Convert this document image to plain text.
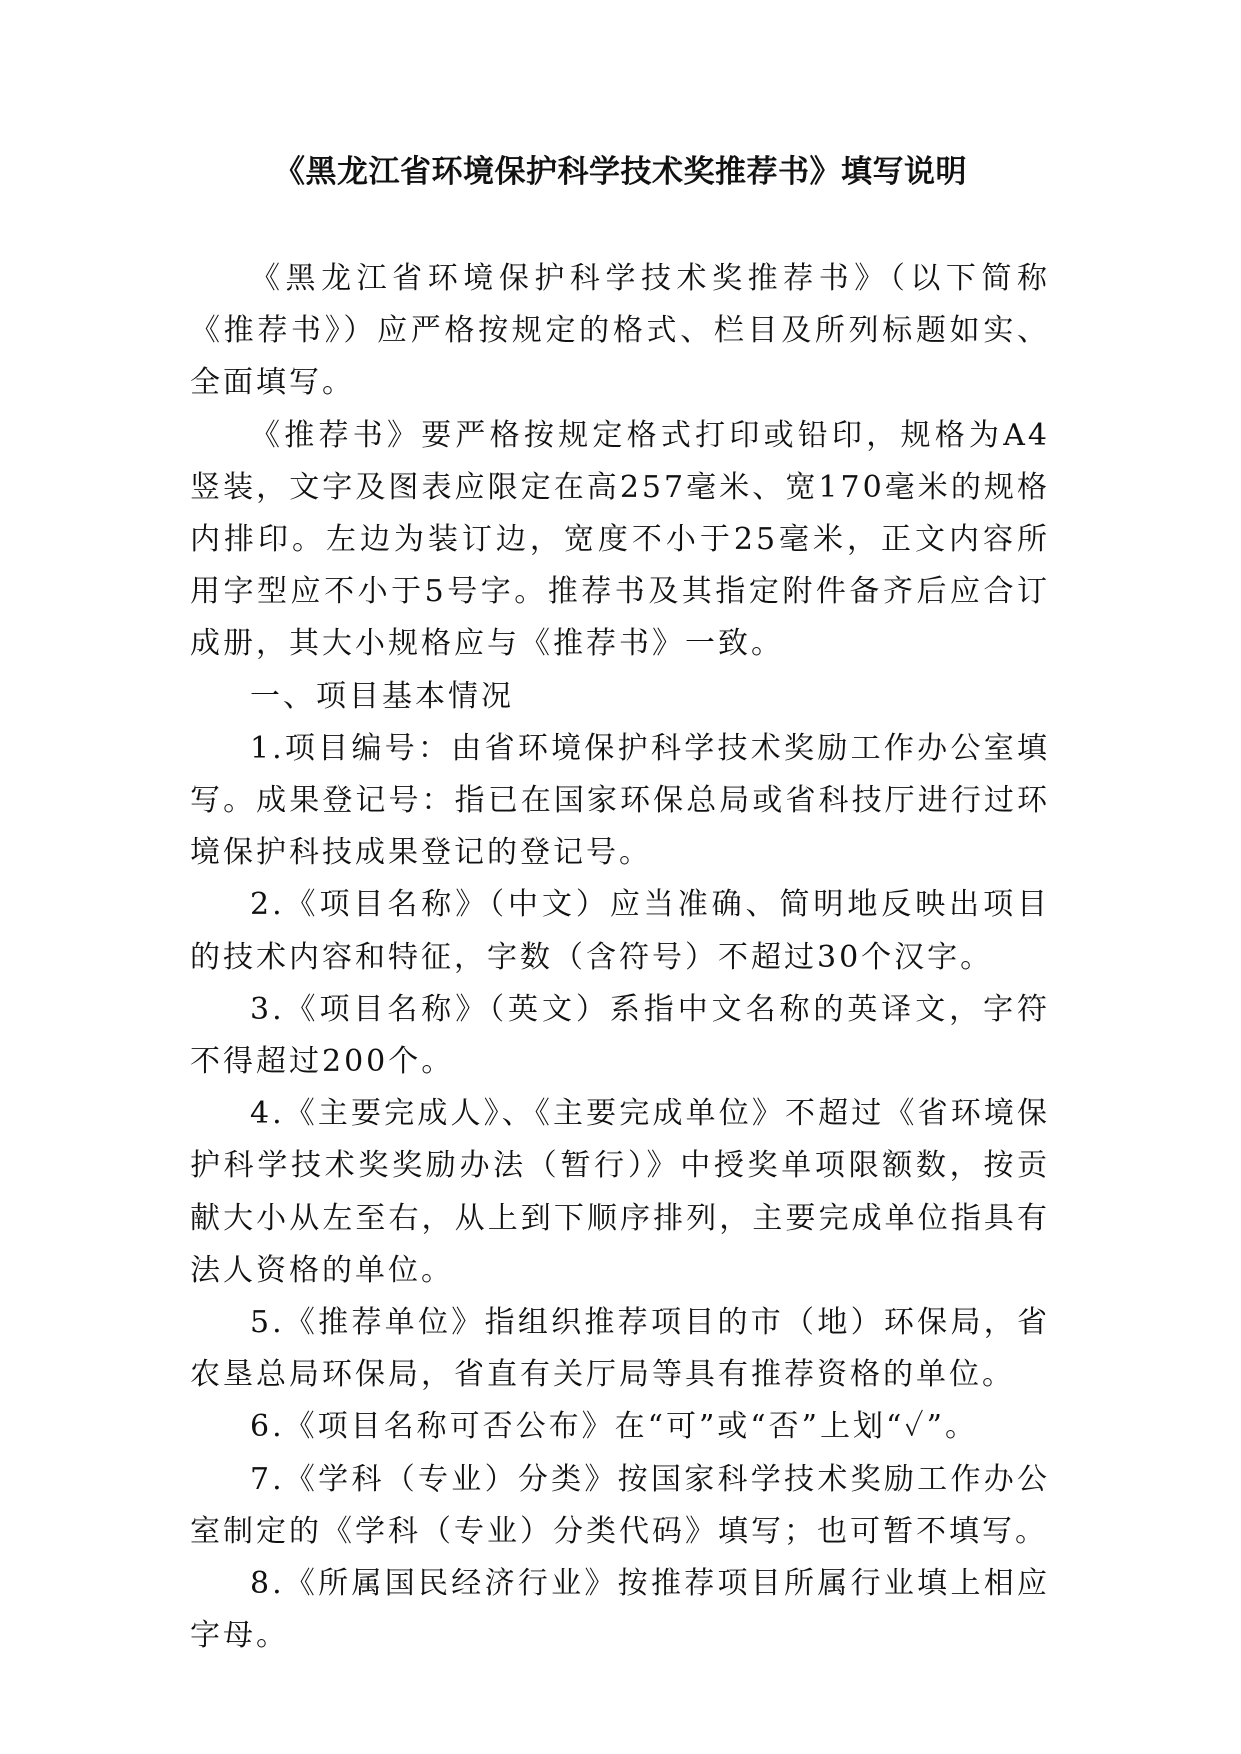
《黑龙江省环境保护科学技术奖推荐书》填写说明

《黑龙江省环境保护科学技术奖推荐书》（以下简称《推荐书》）应严格按规定的格式、栏目及所列标题如实、全面填写。

《推荐书》要严格按规定格式打印或铅印，规格为A4竖装，文字及图表应限定在高257毫米、宽170毫米的规格内排印。左边为装订边，宽度不小于25毫米，正文内容所用字型应不小于5号字。推荐书及其指定附件备齐后应合订成册，其大小规格应与《推荐书》一致。

一、项目基本情况

1.项目编号：由省环境保护科学技术奖励工作办公室填写。成果登记号：指已在国家环保总局或省科技厅进行过环境保护科技成果登记的登记号。

2.《项目名称》（中文）应当准确、简明地反映出项目的技术内容和特征，字数（含符号）不超过30个汉字。

3.《项目名称》（英文）系指中文名称的英译文，字符不得超过200个。

4.《主要完成人》、《主要完成单位》不超过《省环境保护科学技术奖奖励办法（暂行）》中授奖单项限额数，按贡献大小从左至右，从上到下顺序排列，主要完成单位指具有法人资格的单位。

5.《推荐单位》指组织推荐项目的市（地）环保局，省农垦总局环保局，省直有关厅局等具有推荐资格的单位。

6.《项目名称可否公布》在“可”或“否”上划“✓”。

7.《学科（专业）分类》按国家科学技术奖励工作办公室制定的《学科（专业）分类代码》填写；也可暂不填写。

8.《所属国民经济行业》按推荐项目所属行业填上相应字母。
